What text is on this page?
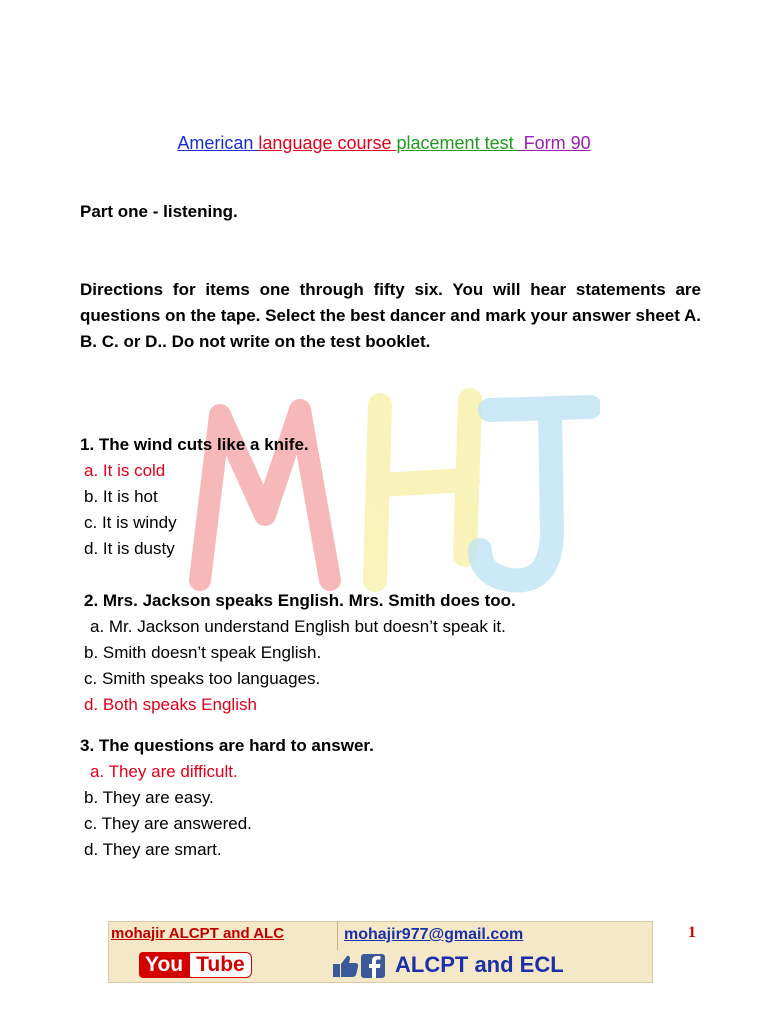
American language course placement test  Form 90
Part one - listening.
Directions for items one through fifty six. You will hear statements are questions on the tape. Select the best dancer and mark your answer sheet A. B. C. or D.. Do not write on the test booklet.
1. The wind cuts like a knife.
a. It is cold
b. It is hot
c. It is windy
d. It is dusty
2. Mrs. Jackson speaks English. Mrs. Smith does too.
a. Mr. Jackson understand English but doesn’t speak it.
b. Smith doesn’t speak English.
c. Smith speaks too languages.
d. Both speaks English
3. The questions are hard to answer.
a. They are difficult.
b. They are easy.
c. They are answered.
d. They are smart.
mohajir ALCPT and ALC
You Tube
mohajir977@gmail.com
ALCPT and ECL
1
